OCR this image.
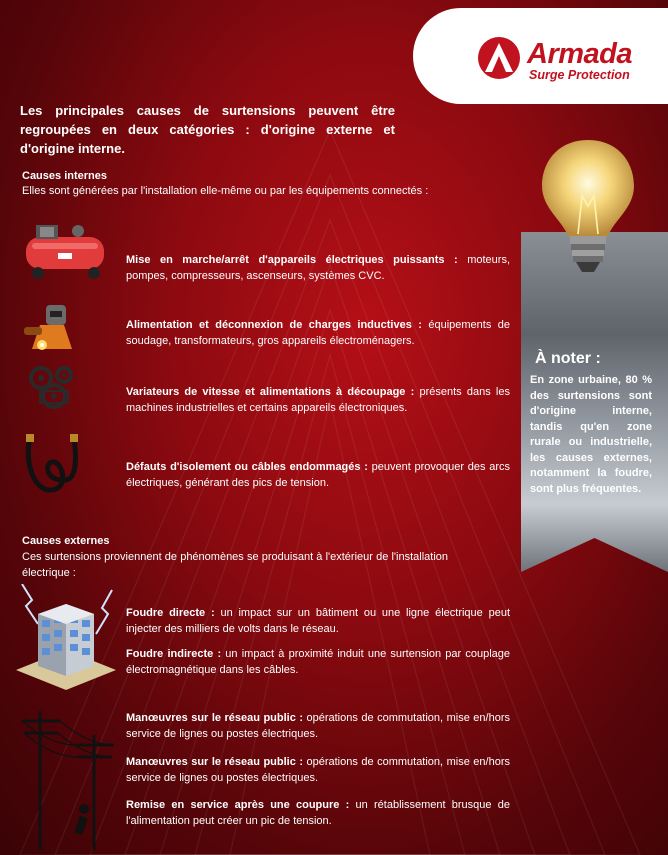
Armada
Surge Protection
Les principales causes de surtensions peuvent être regroupées en deux catégories : d'origine externe et d'origine interne.
Causes internes
Elles sont générées par l'installation elle-même ou par les équipements connectés :
Mise en marche/arrêt d'appareils électriques puissants : moteurs, pompes, compresseurs, ascenseurs, systèmes CVC.
Alimentation et déconnexion de charges inductives : équipements de soudage, transformateurs, gros appareils électroménagers.
Variateurs de vitesse et alimentations à découpage : présents dans les machines industrielles et certains appareils électroniques.
Défauts d'isolement ou câbles endommagés : peuvent provoquer des arcs électriques, générant des pics de tension.
Causes externes
Ces surtensions proviennent de phénomènes se produisant à l'extérieur de l'installation électrique :
Foudre directe : un impact sur un bâtiment ou une ligne électrique peut injecter des milliers de volts dans le réseau.
Foudre indirecte : un impact à proximité induit une surtension par couplage électromagnétique dans les câbles.
Manœuvres sur le réseau public : opérations de commutation, mise en/hors service de lignes ou postes électriques.
Manœuvres sur le réseau public : opérations de commutation, mise en/hors service de lignes ou postes électriques.
Remise en service après une coupure : un rétablissement brusque de l'alimentation peut créer un pic de tension.
À noter :
En zone urbaine, 80 % des surtensions sont d'origine interne, tandis qu'en zone rurale ou industrielle, les causes externes, notamment la foudre, sont plus fréquentes.
